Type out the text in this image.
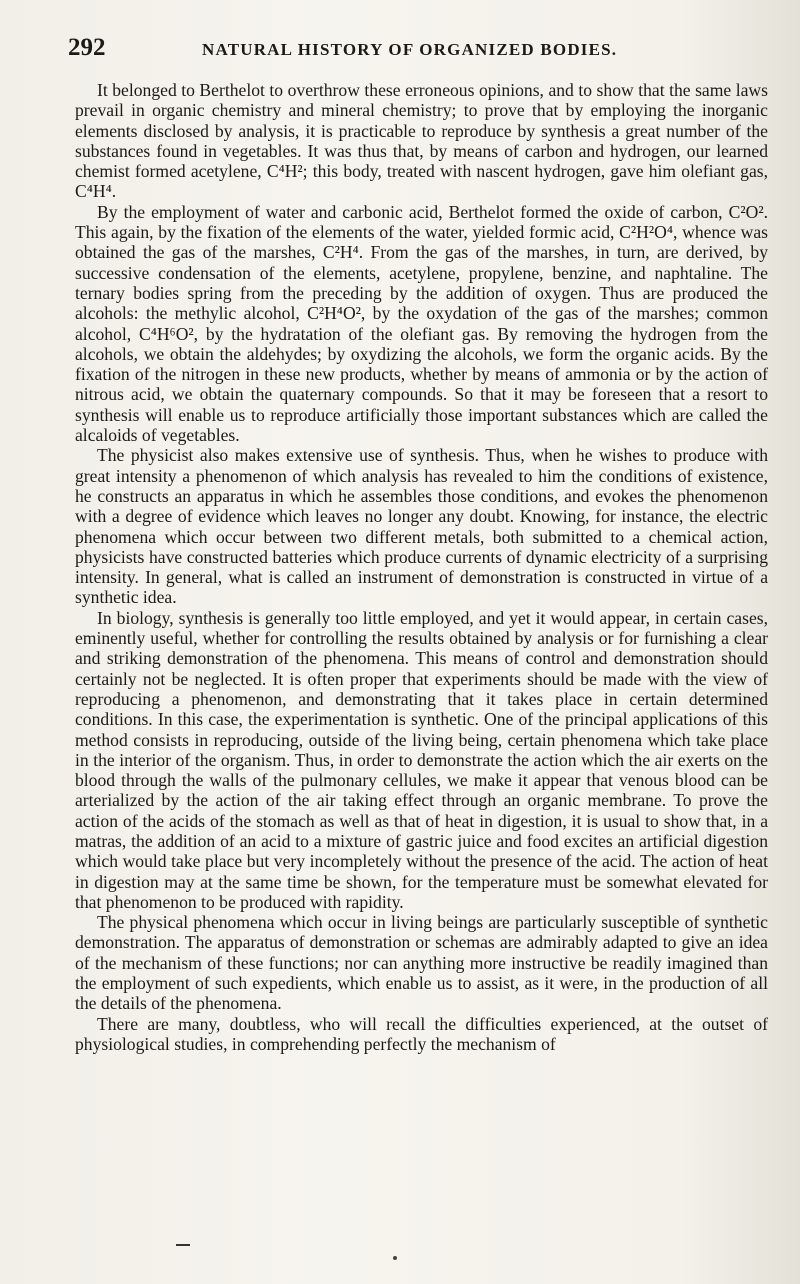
292	NATURAL HISTORY OF ORGANIZED BODIES.

It belonged to Berthelot to overthrow these erroneous opinions, and to show that the same laws prevail in organic chemistry and mineral chemistry; to prove that by employing the inorganic elements disclosed by analysis, it is practicable to reproduce by synthesis a great number of the substances found in vegetables. It was thus that, by means of carbon and hydrogen, our learned chemist formed acetylene, C⁴H²; this body, treated with nascent hydrogen, gave him olefiant gas, C⁴H⁴.

By the employment of water and carbonic acid, Berthelot formed the oxide of carbon, C²O². This again, by the fixation of the elements of the water, yielded formic acid, C²H²O⁴, whence was obtained the gas of the marshes, C²H⁴. From the gas of the marshes, in turn, are derived, by successive condensation of the elements, acetylene, propylene, benzine, and naphtaline. The ternary bodies spring from the preceding by the addition of oxygen. Thus are produced the alcohols: the methylic alcohol, C²H⁴O², by the oxydation of the gas of the marshes; common alcohol, C⁴H⁶O², by the hydratation of the olefiant gas. By removing the hydrogen from the alcohols, we obtain the aldehydes; by oxydizing the alcohols, we form the organic acids. By the fixation of the nitrogen in these new products, whether by means of ammonia or by the action of nitrous acid, we obtain the quaternary compounds. So that it may be foreseen that a resort to synthesis will enable us to reproduce artificially those important substances which are called the alcaloids of vegetables.

The physicist also makes extensive use of synthesis. Thus, when he wishes to produce with great intensity a phenomenon of which analysis has revealed to him the conditions of existence, he constructs an apparatus in which he assembles those conditions, and evokes the phenomenon with a degree of evidence which leaves no longer any doubt. Knowing, for instance, the electric phenomena which occur between two different metals, both submitted to a chemical action, physicists have constructed batteries which produce currents of dynamic electricity of a surprising intensity. In general, what is called an instrument of demonstration is constructed in virtue of a synthetic idea.

In biology, synthesis is generally too little employed, and yet it would appear, in certain cases, eminently useful, whether for controlling the results obtained by analysis or for furnishing a clear and striking demonstration of the phenomena. This means of control and demonstration should certainly not be neglected. It is often proper that experiments should be made with the view of reproducing a phenomenon, and demonstrating that it takes place in certain determined conditions. In this case, the experimentation is synthetic. One of the principal applications of this method consists in reproducing, outside of the living being, certain phenomena which take place in the interior of the organism. Thus, in order to demonstrate the action which the air exerts on the blood through the walls of the pulmonary cellules, we make it appear that venous blood can be arterialized by the action of the air taking effect through an organic membrane. To prove the action of the acids of the stomach as well as that of heat in digestion, it is usual to show that, in a matras, the addition of an acid to a mixture of gastric juice and food excites an artificial digestion which would take place but very incompletely without the presence of the acid. The action of heat in digestion may at the same time be shown, for the temperature must be somewhat elevated for that phenomenon to be produced with rapidity.

The physical phenomena which occur in living beings are particularly susceptible of synthetic demonstration. The apparatus of demonstration or schemas are admirably adapted to give an idea of the mechanism of these functions; nor can anything more instructive be readily imagined than the employment of such expedients, which enable us to assist, as it were, in the production of all the details of the phenomena.

There are many, doubtless, who will recall the difficulties experienced, at the outset of physiological studies, in comprehending perfectly the mechanism of
